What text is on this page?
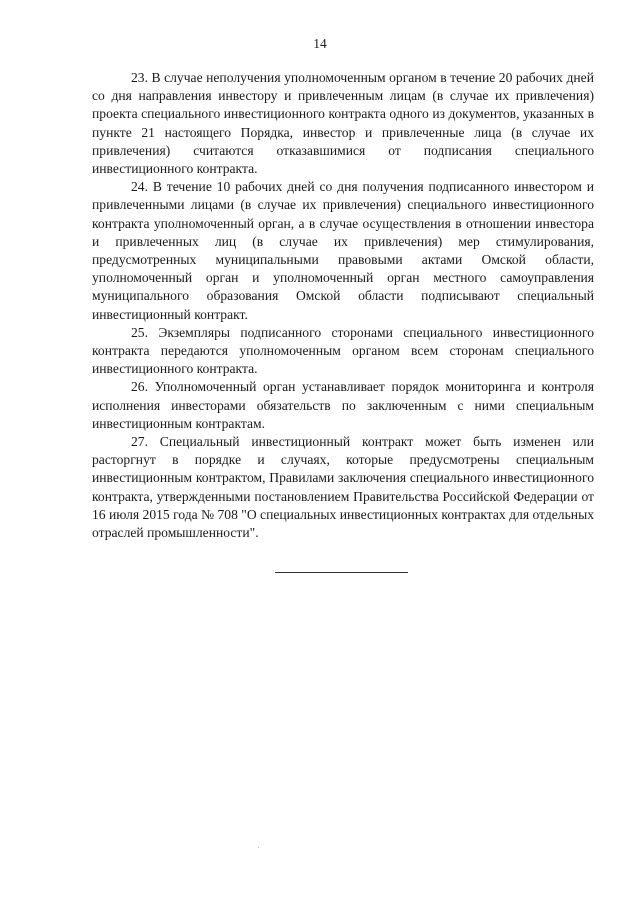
14

23. В случае неполучения уполномоченным органом в течение 20 рабочих дней со дня направления инвестору и привлеченным лицам (в случае их привлечения) проекта специального инвестиционного контракта одного из документов, указанных в пункте 21 настоящего Порядка, инвестор и привлеченные лица (в случае их привлечения) считаются отказавшимися от подписания специального инвестиционного контракта.

24. В течение 10 рабочих дней со дня получения подписанного инвестором и привлеченными лицами (в случае их привлечения) специального инвестиционного контракта уполномоченный орган, а в случае осуществления в отношении инвестора и привлеченных лиц (в случае их привлечения) мер стимулирования, предусмотренных муниципальными правовыми актами Омской области, уполномоченный орган и уполномоченный орган местного самоуправления муниципального образования Омской области подписывают специальный инвестиционный контракт.

25. Экземпляры подписанного сторонами специального инвестиционного контракта передаются уполномоченным органом всем сторонам специального инвестиционного контракта.

26. Уполномоченный орган устанавливает порядок мониторинга и контроля исполнения инвесторами обязательств по заключенным с ними специальным инвестиционным контрактам.

27. Специальный инвестиционный контракт может быть изменен или расторгнут в порядке и случаях, которые предусмотрены специальным инвестиционным контрактом, Правилами заключения специального инвестиционного контракта, утвержденными постановлением Правительства Российской Федерации от 16 июля 2015 года № 708 "О специальных инвестиционных контрактах для отдельных отраслей промышленности".
